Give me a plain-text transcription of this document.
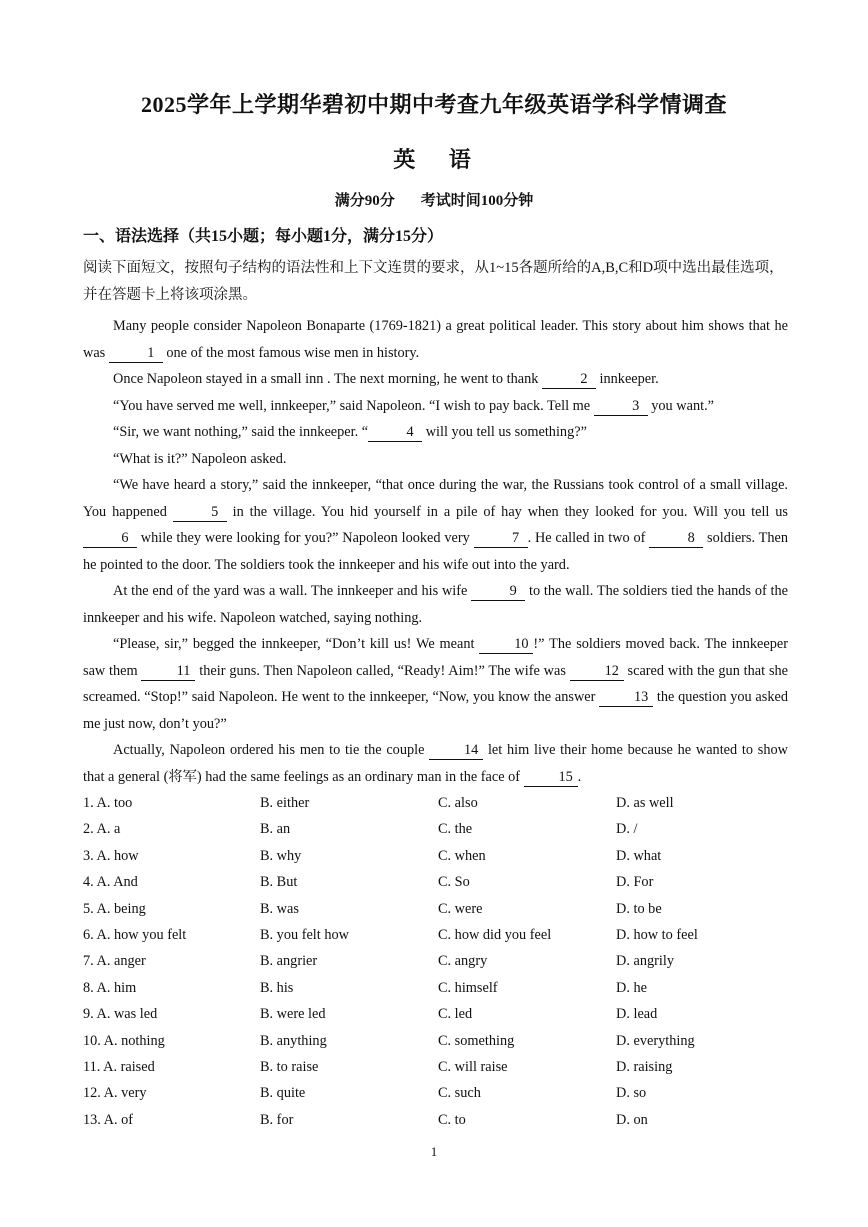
2025学年上学期华碧初中期中考查九年级英语学科学情调查
英 语
满分90分 考试时间100分钟
一、语法选择（共15小题；每小题1分，满分15分）
阅读下面短文，按照句子结构的语法性和上下文连贯的要求，从1~15各题所给的A,B,C和D项中选出最佳选项，并在答题卡上将该项涂黑。

Many people consider Napoleon Bonaparte (1769-1821) a great political leader. This story about him shows that he was	1 one of the most famous wise men in history.

Once Napoleon stayed in a small inn . The next morning, he went to thank	2 innkeeper.

“You have served me well, innkeeper,” said Napoleon. “I wish to pay back. Tell me	3 you want.”

“Sir, we want nothing,” said the innkeeper. “	4 will you tell us something?”

“What is it?” Napoleon asked.

“We have heard a story,” said the innkeeper, “that once during the war, the Russians took control of a small village. You happened	5 in the village. You hid yourself in a pile of hay when they looked for you. Will you tell us 6 while they were looking for you?” Napoleon looked very	7 . He called in two of	8 soldiers. Then he pointed to the door. The soldiers took the innkeeper and his wife out into the yard.

At the end of the yard was a wall. The innkeeper and his wife	9 to the wall. The soldiers tied the hands of the innkeeper and his wife. Napoleon watched, saying nothing.

“Please, sir,” begged the innkeeper, “Don’t kill us! We meant 10 !” The soldiers moved back. The innkeeper saw them 11 their guns. Then Napoleon called, “Ready! Aim!” The wife was 12 scared with the gun that she screamed. “Stop!” said Napoleon. He went to the innkeeper, “Now, you know the answer 13 the question you asked me just now, don’t you?”

Actually, Napoleon ordered his men to tie the couple 14 let him live their home because he wanted to show that a general (将军) had the same feelings as an ordinary man in the face of 15 .

1. A. too	B. either	C. also	D. as well
2. A. a	B. an	C. the	D. /
3. A. how	B. why	C. when	D. what
4. A. And	B. But	C. So	D. For
5. A. being	B. was	C. were	D. to be
6. A. how you felt	B. you felt how	C. how did you feel	D. how to feel
7. A. anger	B. angrier	C. angry	D. angrily
8. A. him	B. his	C. himself	D. he
9. A. was led	B. were led	C. led	D. lead
10. A. nothing	B. anything	C. something	D. everything
11. A. raised	B. to raise	C. will raise	D. raising
12. A. very	B. quite	C. such	D. so
13. A. of	B. for	C. to	D. on
1
